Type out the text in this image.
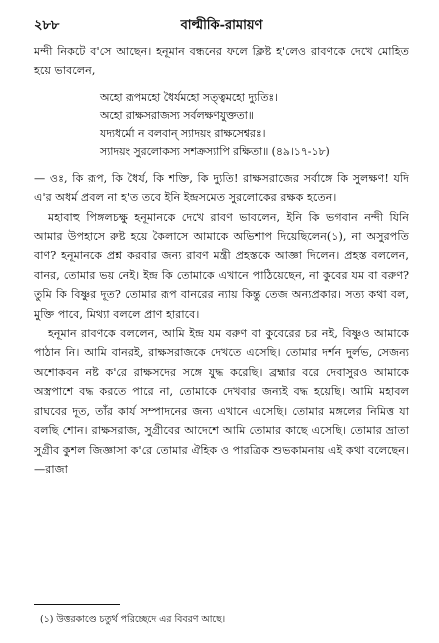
২৮৮	বাল্মীকি-রামায়ণ

মন্দী নিকটে ব'সে আছেন। হনূমান বন্ধনের ফলে ক্লিষ্ট হ'লেও রাবণকে দেখে মোহিত হয়ে ভাবলেন,

অহো রূপমহো ধৈর্যমহো সত্ত্বমহো দ্যুতিঃ।
অহো রাক্ষসরাজস্য সর্বলক্ষণযুক্ততা॥
যদ্যধর্মো ন বলবান্ স্যাদয়ং রাক্ষসেশ্বরঃ।
স্যাদয়ং সুরলোকস্য সশক্রস্যাপি রক্ষিতা॥ (৪৯।১৭-১৮)

— ওঃ, কি রূপ, কি ধৈর্য, কি শক্তি, কি দ্যুতি! রাক্ষসরাজের সর্বাঙ্গে কি সুলক্ষণ! যদি এ'র অধর্ম প্রবল না হ'ত তবে ইনি ইন্দ্রসমেত সুরলোকের রক্ষক হতেন।

মহাবাহু পিঙ্গলচক্ষু হনূমানকে দেখে রাবণ ভাবলেন, ইনি কি ভগবান নন্দী যিনি আমার উপহাসে রুষ্ট হয়ে কৈলাসে আমাকে অভিশাপ দিয়েছিলেন(১), না অসুরপতি বাণ? হনূমানকে প্রশ্ন করবার জন্য রাবণ মন্ত্রী প্রহস্তকে আজ্ঞা দিলেন। প্রহস্ত বললেন, বানর, তোমার ভয় নেই। ইন্দ্র কি তোমাকে এখানে পাঠিয়েছেন, না কুবের যম বা বরুণ? তুমি কি বিষ্ণুর দূত? তোমার রূপ বানরের ন্যায় কিন্তু তেজ অন্যপ্রকার। সত্য কথা বল, মুক্তি পাবে, মিথ্যা বললে প্রাণ হারাবে।

হনূমান রাবণকে বললেন, আমি ইন্দ্র যম বরুণ বা কুবেরের চর নই, বিষ্ণুও আমাকে পাঠান নি। আমি বানরই, রাক্ষসরাজকে দেখতে এসেছি। তোমার দর্শন দুর্লভ, সেজন্য অশোকবন নষ্ট ক'রে রাক্ষসদের সঙ্গে যুদ্ধ করেছি। ব্রহ্মার বরে দেবাসুরও আমাকে অস্ত্রপাশে বদ্ধ করতে পারে না, তোমাকে দেখবার জন্যই বদ্ধ হয়েছি। আমি মহাবল রাঘবের দূত, তাঁর কার্য সম্পাদনের জন্য এখানে এসেছি। তোমার মঙ্গলের নিমিত্ত যা বলছি শোন। রাক্ষসরাজ, সুগ্রীবের আদেশে আমি তোমার কাছে এসেছি। তোমার ভ্রাতা সুগ্রীব কুশল জিজ্ঞাসা ক'রে তোমার ঐহিক ও পারত্রিক শুভকামনায় এই কথা বলেছেন।—রাজা

(১) উত্তরকাণ্ডে চতুর্থ পরিচ্ছেদে এর বিবরণ আছে।
